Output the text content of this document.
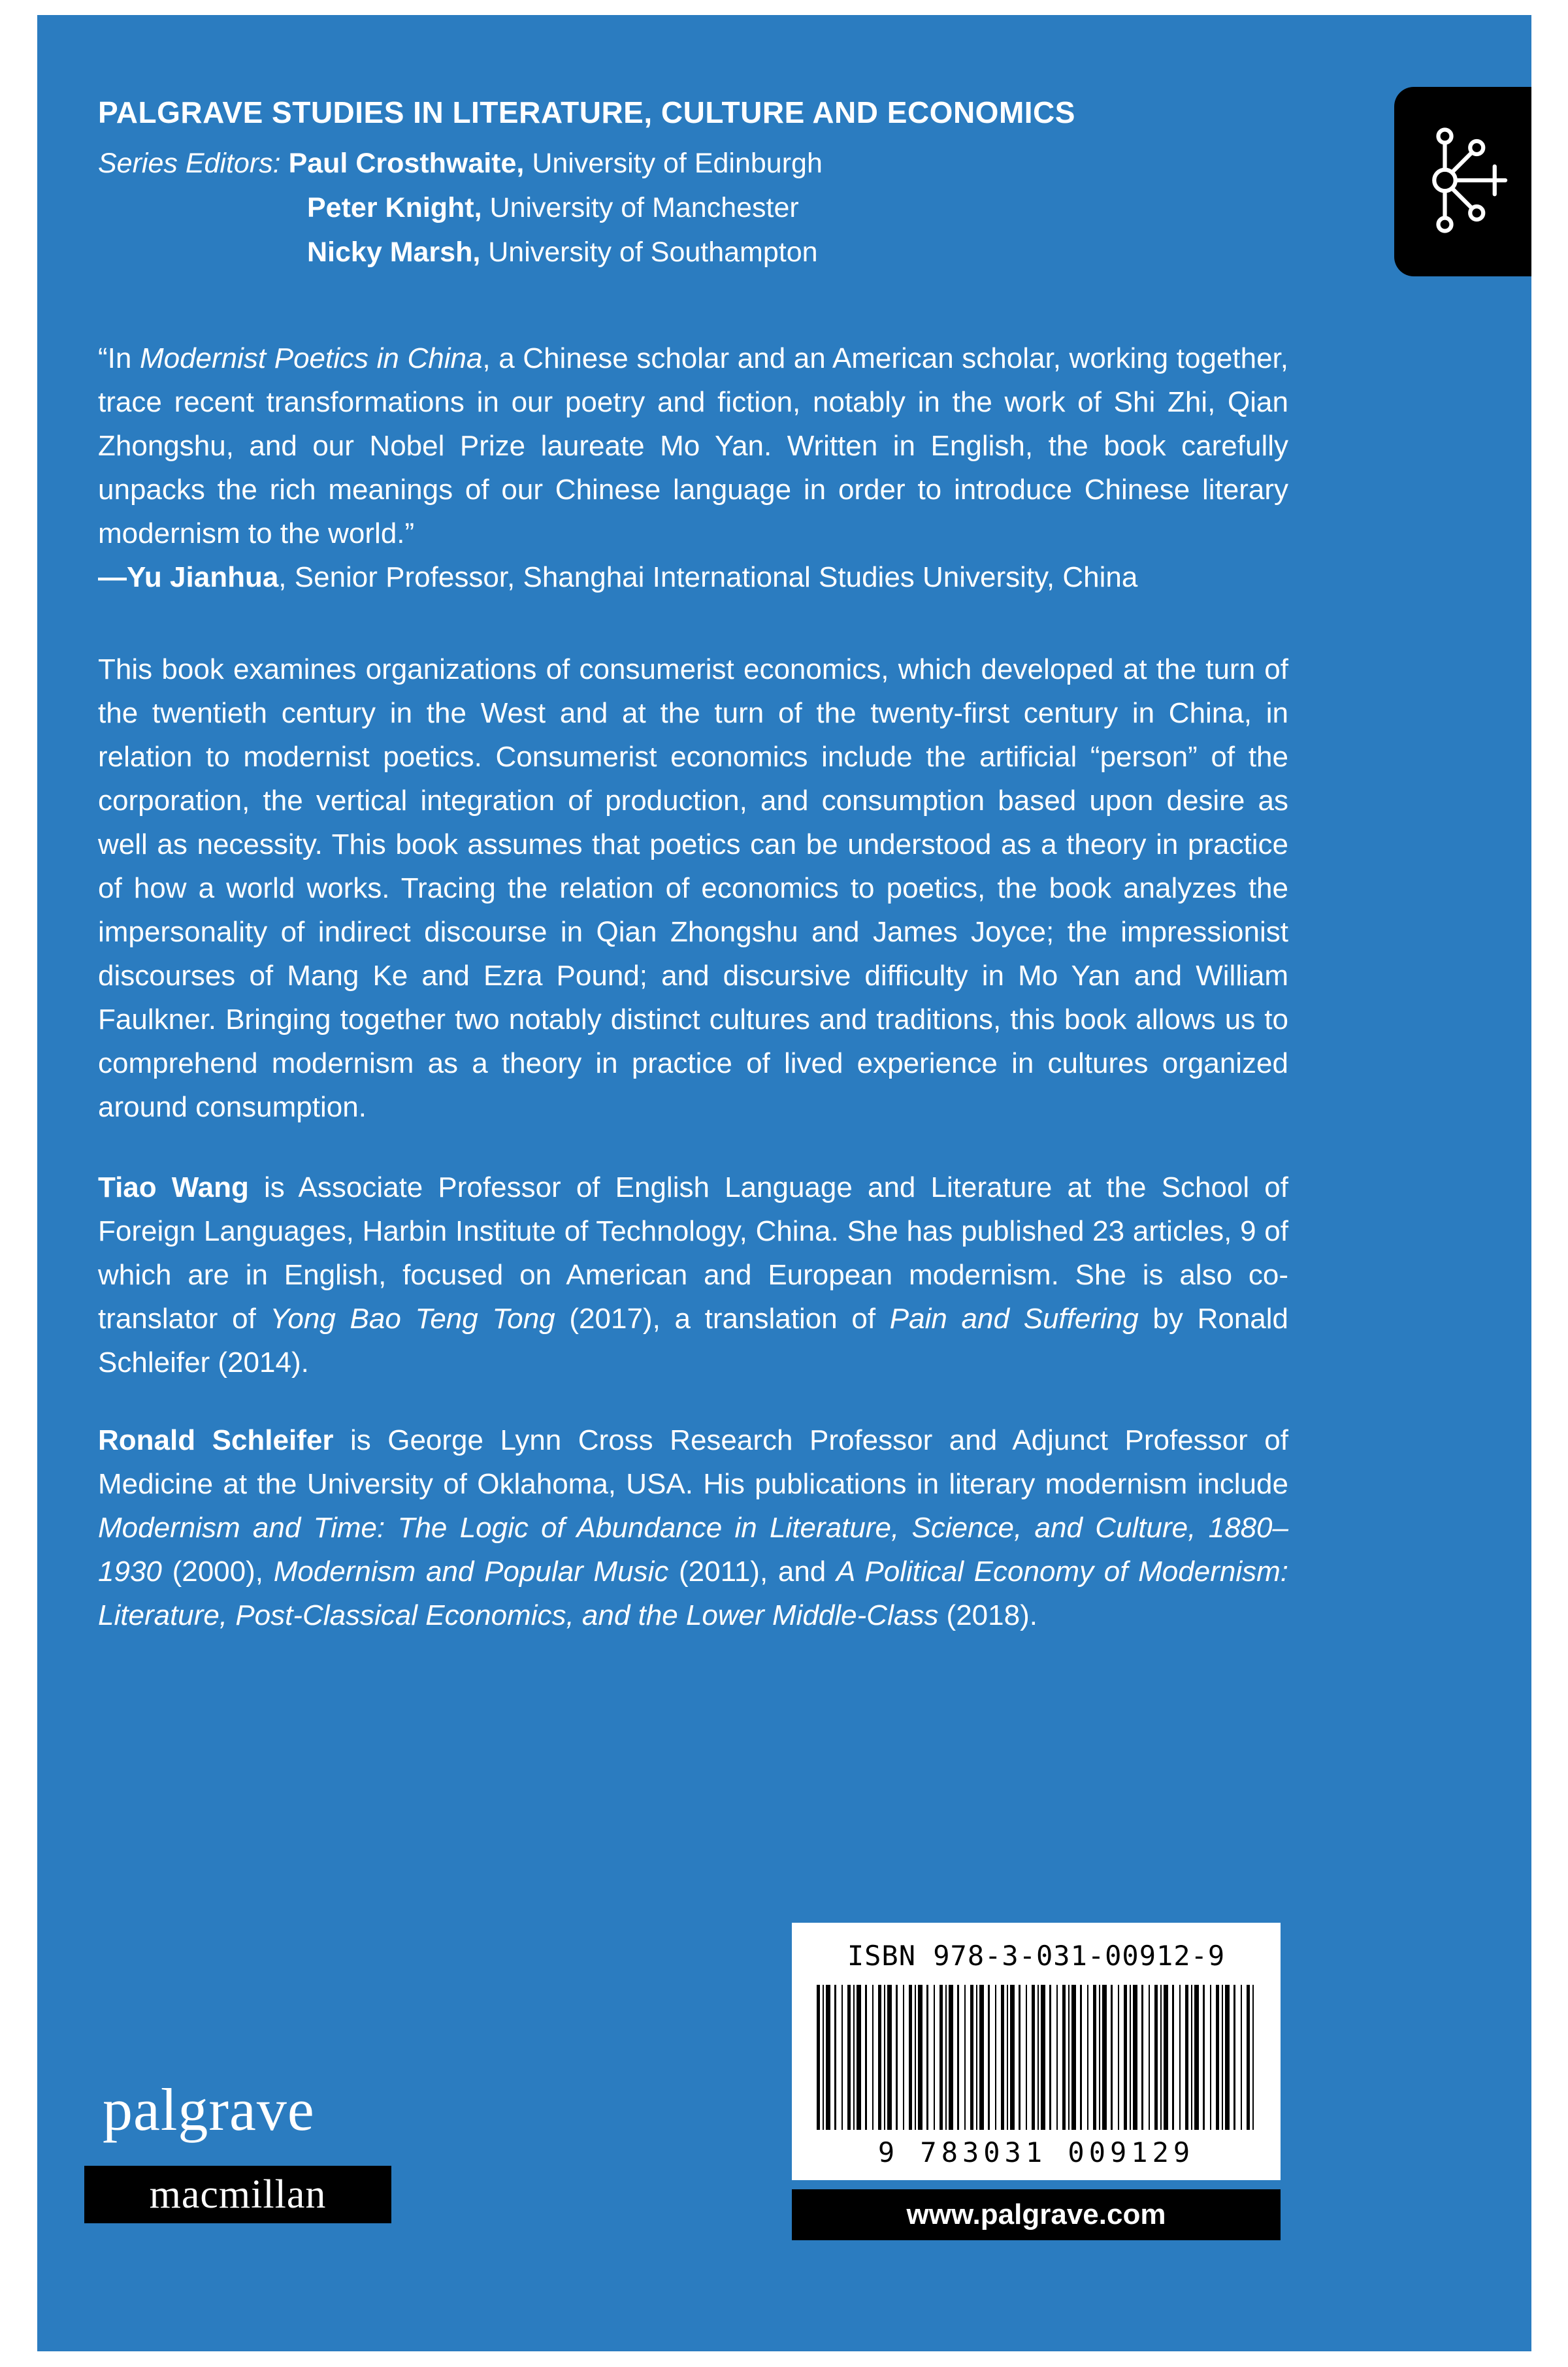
PALGRAVE STUDIES IN LITERATURE, CULTURE AND ECONOMICS
Series Editors: Paul Crosthwaite, University of Edinburgh
Peter Knight, University of Manchester
Nicky Marsh, University of Southampton

“In Modernist Poetics in China, a Chinese scholar and an American scholar, working together, trace recent transformations in our poetry and fiction, notably in the work of Shi Zhi, Qian Zhongshu, and our Nobel Prize laureate Mo Yan. Written in English, the book carefully unpacks the rich meanings of our Chinese language in order to introduce Chinese literary modernism to the world.”

—Yu Jianhua, Senior Professor, Shanghai International Studies University, China

This book examines organizations of consumerist economics, which developed at the turn of the twentieth century in the West and at the turn of the twenty-first century in China, in relation to modernist poetics. Consumerist economics include the artificial “person” of the corporation, the vertical integration of production, and consumption based upon desire as well as necessity. This book assumes that poetics can be understood as a theory in practice of how a world works. Tracing the relation of economics to poetics, the book analyzes the impersonality of indirect discourse in Qian Zhongshu and James Joyce; the impressionist discourses of Mang Ke and Ezra Pound; and discursive difficulty in Mo Yan and William Faulkner. Bringing together two notably distinct cultures and traditions, this book allows us to comprehend modernism as a theory in practice of lived experience in cultures organized around consumption.

Tiao Wang is Associate Professor of English Language and Literature at the School of Foreign Languages, Harbin Institute of Technology, China. She has published 23 articles, 9 of which are in English, focused on American and European modernism. She is also co-translator of Yong Bao Teng Tong (2017), a translation of Pain and Suffering by Ronald Schleifer (2014).

Ronald Schleifer is George Lynn Cross Research Professor and Adjunct Professor of Medicine at the University of Oklahoma, USA. His publications in literary modernism include Modernism and Time: The Logic of Abundance in Literature, Science, and Culture, 1880–1930 (2000), Modernism and Popular Music (2011), and A Political Economy of Modernism: Literature, Post-Classical Economics, and the Lower Middle-Class (2018).

palgrave
macmillan
ISBN 978-3-031-00912-9
9 783031 009129
www.palgrave.com
